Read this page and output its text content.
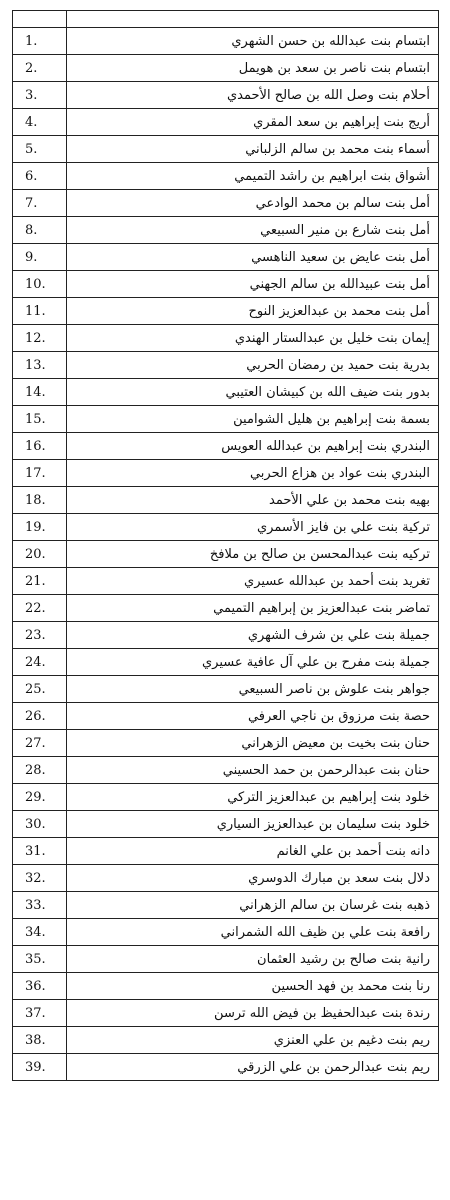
1.	ابتسام بنت عبدالله بن حسن الشهري
2.	ابتسام بنت ناصر بن سعد بن هويمل
3.	أحلام بنت وصل الله بن صالح الأحمدي
4.	أريج بنت إبراهيم بن سعد المقري
5.	أسماء بنت محمد بن سالم الزلباني
6.	أشواق بنت ابراهيم بن راشد التميمي
7.	أمل بنت سالم بن محمد الوادعي
8.	أمل بنت شارع بن منير السبيعي
9.	أمل بنت عايض بن سعيد الناهسي
10.	أمل بنت عبيدالله بن سالم الجهني
11.	أمل بنت محمد بن عبدالعزيز النوح
12.	إيمان بنت خليل بن عبدالستار الهندي
13.	بدرية بنت حميد بن رمضان الحربي
14.	بدور بنت ضيف الله بن كبيشان العتيبي
15.	بسمة بنت إبراهيم بن هليل الشوامين
16.	البندري بنت إبراهيم بن عبدالله العويس
17.	البندري بنت عواد بن هزاع الحربي
18.	بهيه بنت محمد بن علي الأحمد
19.	تركية بنت علي بن فايز الأسمري
20.	تركيه بنت عبدالمحسن بن صالح بن ملافخ
21.	تغريد بنت أحمد بن عبدالله عسيري
22.	تماضر بنت عبدالعزيز بن إبراهيم التميمي
23.	جميلة بنت علي بن شرف الشهري
24.	جميلة بنت مفرح بن علي آل عافية عسيري
25.	جواهر بنت علوش بن ناصر السبيعي
26.	حصة بنت مرزوق بن ناجي العرفي
27.	حنان بنت بخيت بن معيض الزهراني
28.	حنان بنت عبدالرحمن بن حمد الحسيني
29.	خلود بنت إبراهيم بن عبدالعزيز التركي
30.	خلود بنت سليمان بن عبدالعزيز السياري
31.	دانه بنت أحمد بن علي الغانم
32.	دلال بنت سعد بن مبارك الدوسري
33.	ذهبه بنت غرسان بن سالم الزهراني
34.	رافعة بنت علي بن ظيف الله الشمراني
35.	رانية بنت صالح بن رشيد العثمان
36.	رنا بنت محمد بن فهد الحسين
37.	رندة بنت عبدالحفيظ بن فيض الله ترسن
38.	ريم بنت دغيم بن علي العنزي
39.	ريم بنت عبدالرحمن بن علي الزرقي
